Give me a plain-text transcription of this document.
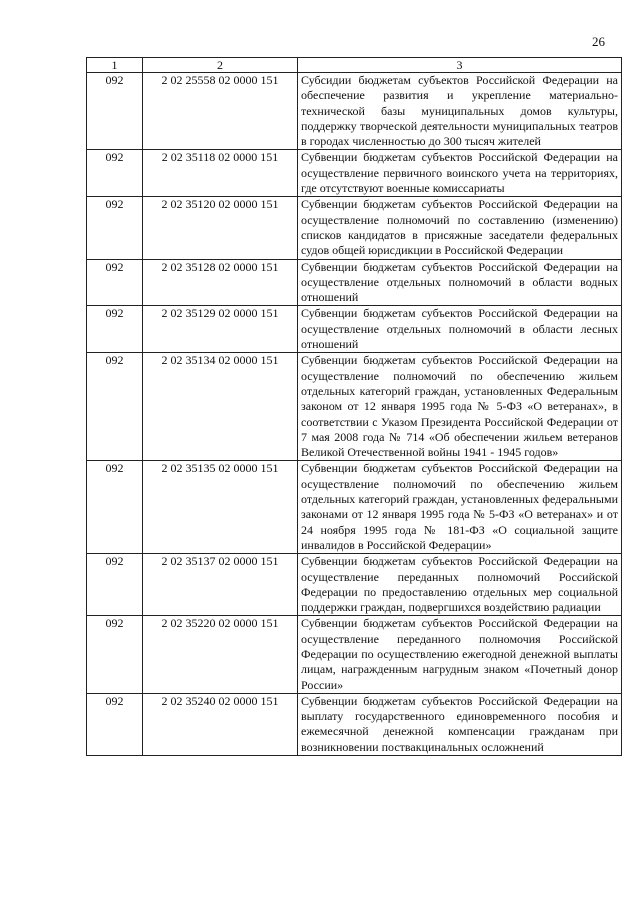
26
1	2	3
092	2 02 25558 02 0000 151	Субсидии бюджетам субъектов Российской Федерации на обеспечение развития и укрепление материально-технической базы муниципальных домов культуры, поддержку творческой деятельности муниципальных театров в городах численностью до 300 тысяч жителей
092	2 02 35118 02 0000 151	Субвенции бюджетам субъектов Российской Федерации на осуществление первичного воинского учета на территориях, где отсутствуют военные комиссариаты
092	2 02 35120 02 0000 151	Субвенции бюджетам субъектов Российской Федерации на осуществление полномочий по составлению (изменению) списков кандидатов в присяжные заседатели федеральных судов общей юрисдикции в Российской Федерации
092	2 02 35128 02 0000 151	Субвенции бюджетам субъектов Российской Федерации на осуществление отдельных полномочий в области водных отношений
092	2 02 35129 02 0000 151	Субвенции бюджетам субъектов Российской Федерации на осуществление отдельных полномочий в области лесных отношений
092	2 02 35134 02 0000 151	Субвенции бюджетам субъектов Российской Федерации на осуществление полномочий по обеспечению жильем отдельных категорий граждан, установленных Федеральным законом от 12 января 1995 года № 5-ФЗ «О ветеранах», в соответствии с Указом Президента Российской Федерации от 7 мая 2008 года № 714 «Об обеспечении жильем ветеранов Великой Отечественной войны 1941 - 1945 годов»
092	2 02 35135 02 0000 151	Субвенции бюджетам субъектов Российской Федерации на осуществление полномочий по обеспечению жильем отдельных категорий граждан, установленных федеральными законами от 12 января 1995 года № 5-ФЗ «О ветеранах» и от 24 ноября 1995 года № 181-ФЗ «О социальной защите инвалидов в Российской Федерации»
092	2 02 35137 02 0000 151	Субвенции бюджетам субъектов Российской Федерации на осуществление переданных полномочий Российской Федерации по предоставлению отдельных мер социальной поддержки граждан, подвергшихся воздействию радиации
092	2 02 35220 02 0000 151	Субвенции бюджетам субъектов Российской Федерации на осуществление переданного полномочия Российской Федерации по осуществлению ежегодной денежной выплаты лицам, награжденным нагрудным знаком «Почетный донор России»
092	2 02 35240 02 0000 151	Субвенции бюджетам субъектов Российской Федерации на выплату государственного единовременного пособия и ежемесячной денежной компенсации гражданам при возникновении поствакцинальных осложнений
